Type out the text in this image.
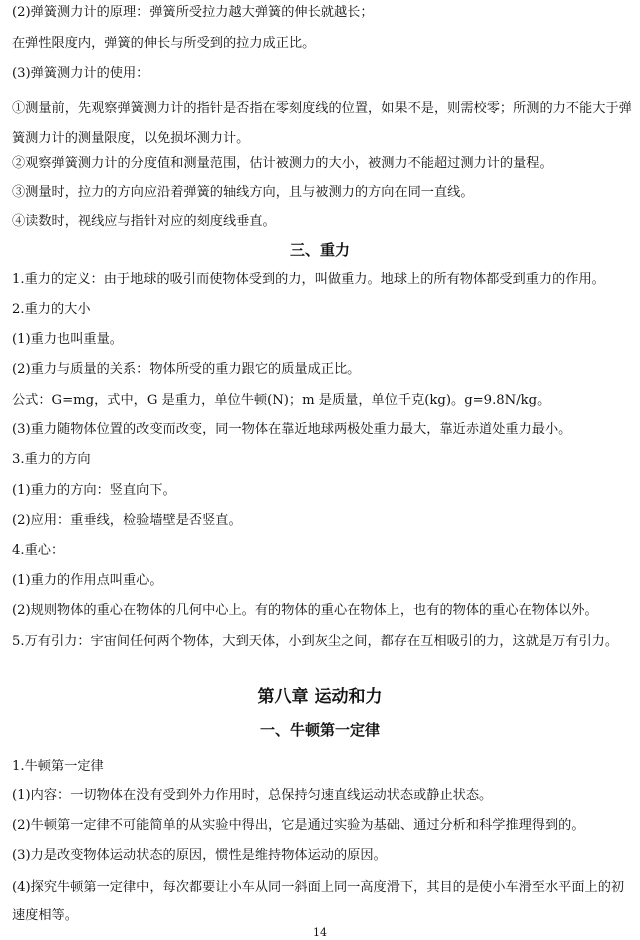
(2)弹簧测力计的原理：弹簧所受拉力越大弹簧的伸长就越长；
在弹性限度内，弹簧的伸长与所受到的拉力成正比。
(3)弹簧测力计的使用：
①测量前，先观察弹簧测力计的指针是否指在零刻度线的位置，如果不是，则需校零；所测的力不能大于弹簧测力计的测量限度，以免损坏测力计。
②观察弹簧测力计的分度值和测量范围，估计被测力的大小，被测力不能超过测力计的量程。
③测量时，拉力的方向应沿着弹簧的轴线方向，且与被测力的方向在同一直线。
④读数时，视线应与指针对应的刻度线垂直。
三、重力
1.重力的定义：由于地球的吸引而使物体受到的力，叫做重力。地球上的所有物体都受到重力的作用。
2.重力的大小
(1)重力也叫重量。
(2)重力与质量的关系：物体所受的重力跟它的质量成正比。
公式：G=mg，式中，G 是重力，单位牛顿(N)；m 是质量，单位千克(kg)。g=9.8N/kg。
(3)重力随物体位置的改变而改变，同一物体在靠近地球两极处重力最大，靠近赤道处重力最小。
3.重力的方向
(1)重力的方向：竖直向下。
(2)应用：重垂线，检验墙壁是否竖直。
4.重心：
(1)重力的作用点叫重心。
(2)规则物体的重心在物体的几何中心上。有的物体的重心在物体上，也有的物体的重心在物体以外。
5.万有引力：宇宙间任何两个物体，大到天体，小到灰尘之间，都存在互相吸引的力，这就是万有引力。
第八章 运动和力
一、牛顿第一定律
1.牛顿第一定律
(1)内容：一切物体在没有受到外力作用时，总保持匀速直线运动状态或静止状态。
(2)牛顿第一定律不可能简单的从实验中得出，它是通过实验为基础、通过分析和科学推理得到的。
(3)力是改变物体运动状态的原因，惯性是维持物体运动的原因。
(4)探究牛顿第一定律中，每次都要让小车从同一斜面上同一高度滑下，其目的是使小车滑至水平面上的初速度相等。
14
